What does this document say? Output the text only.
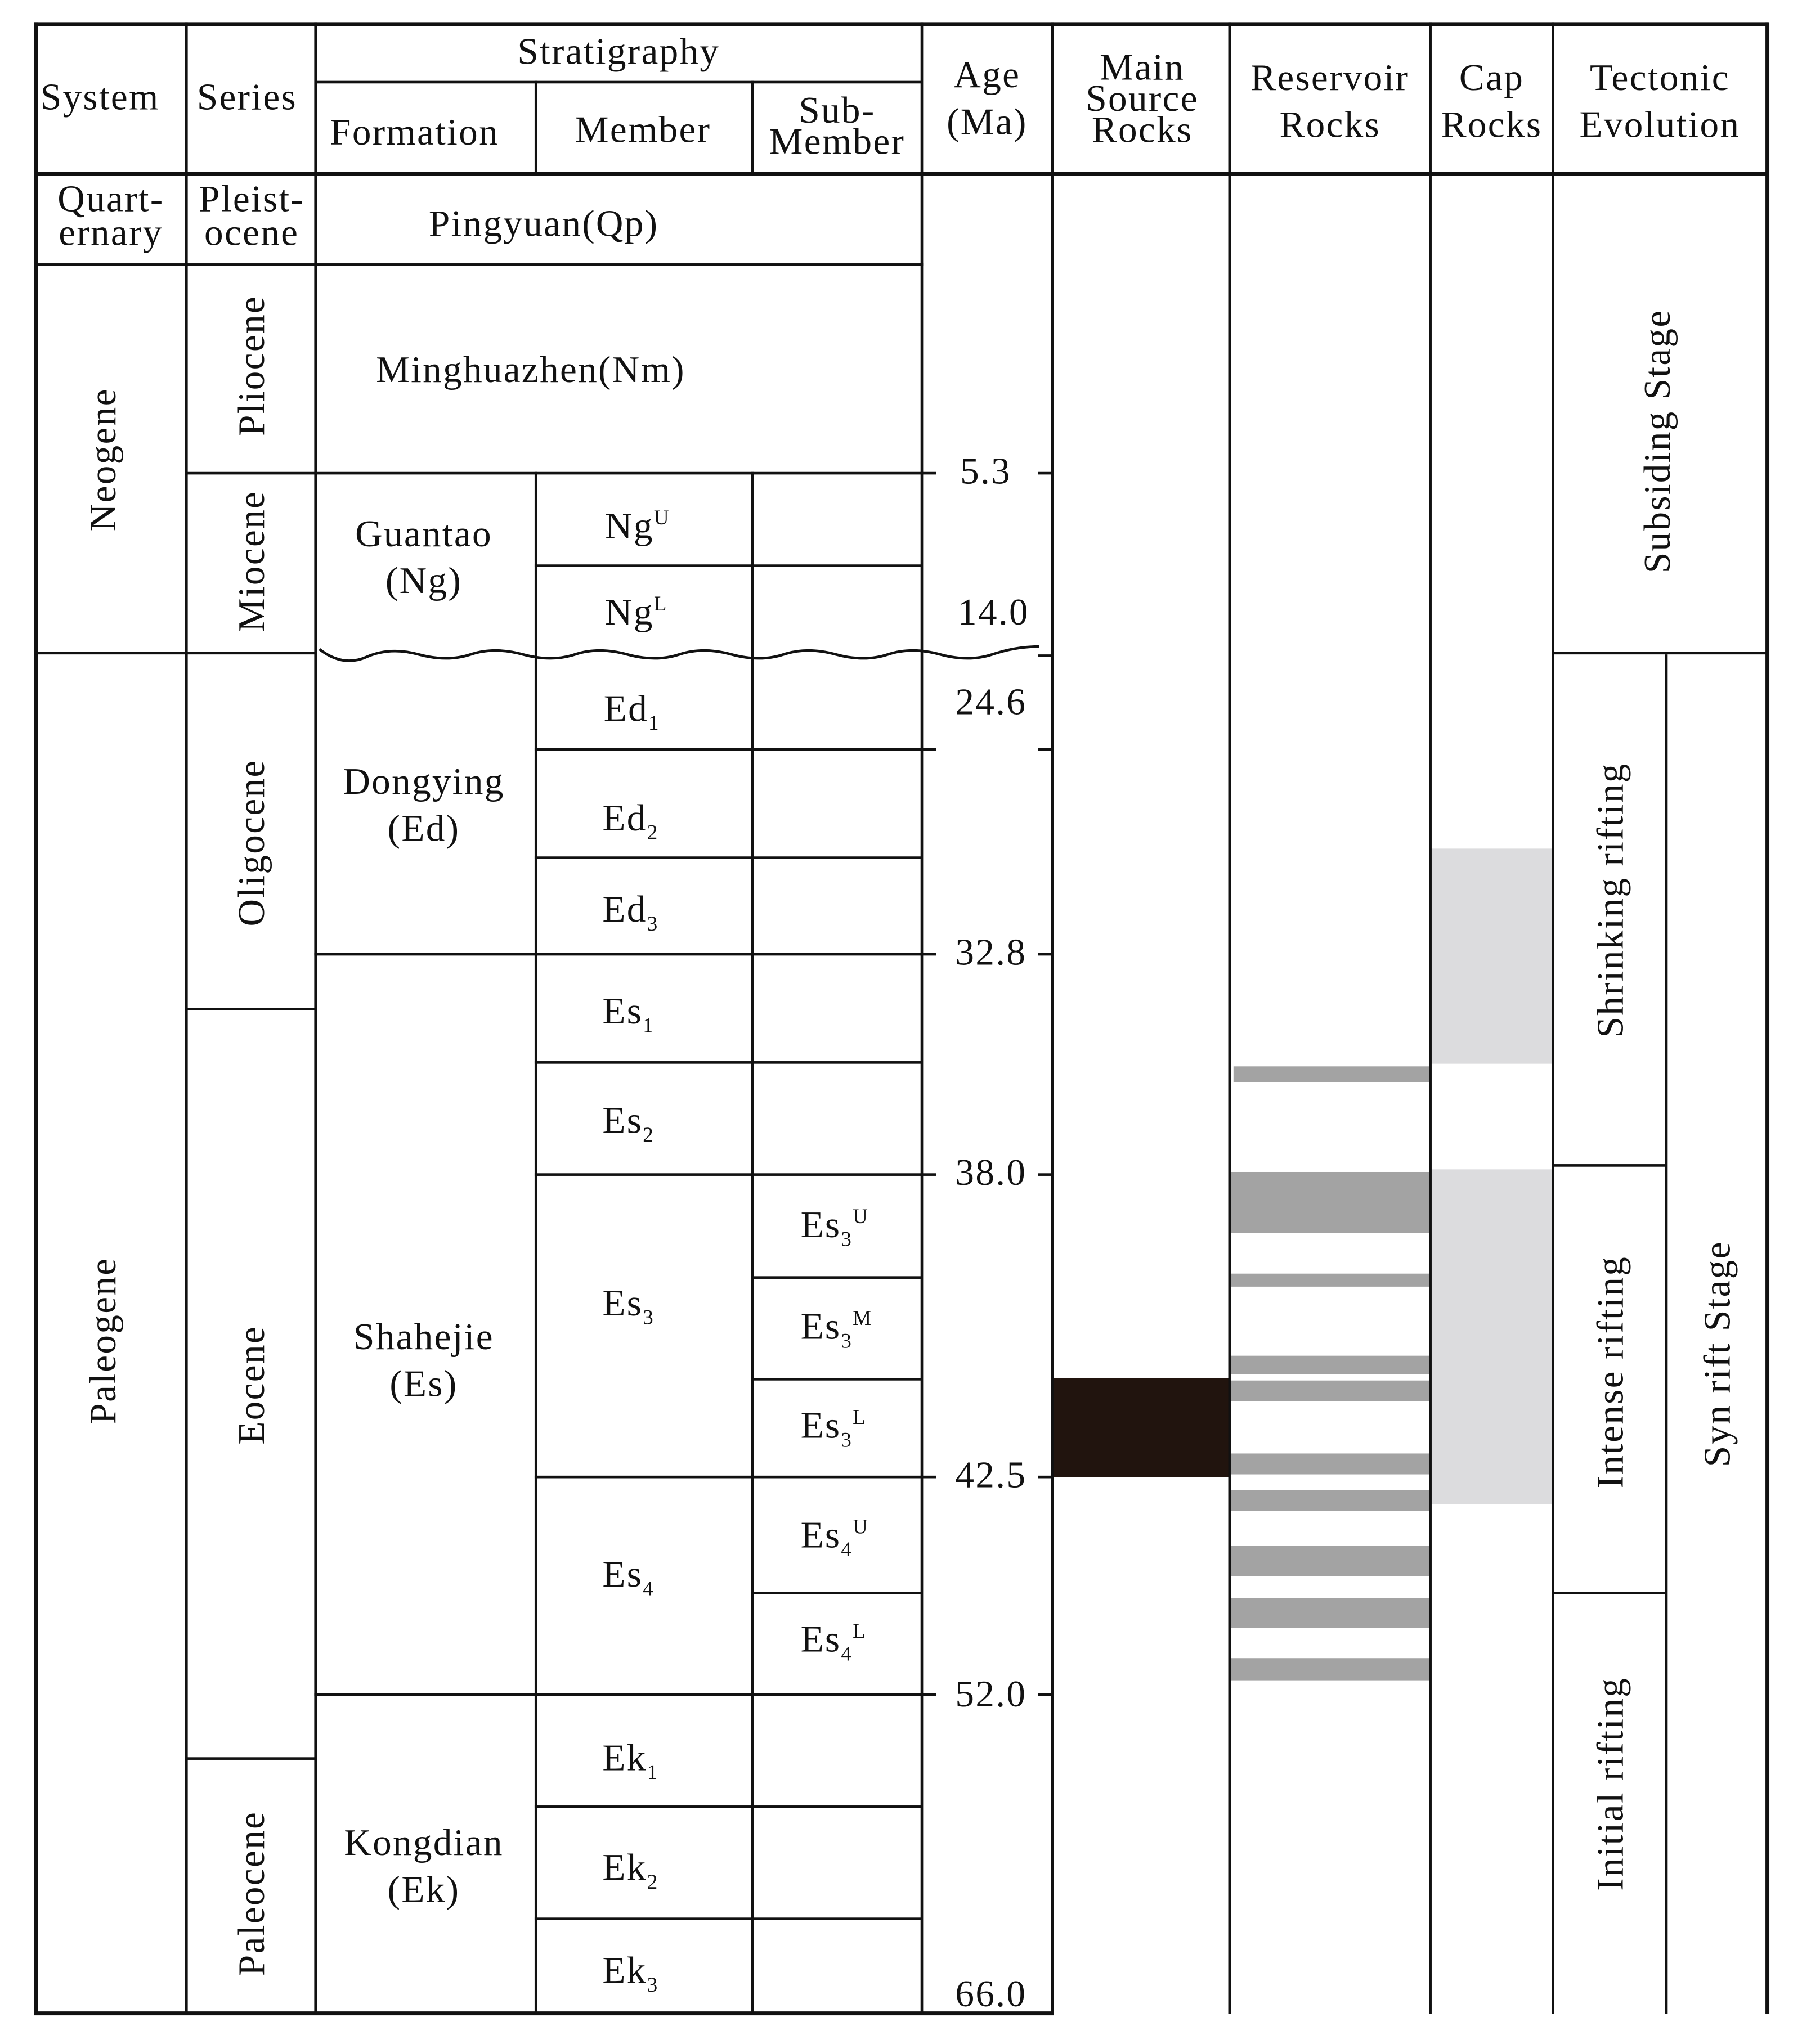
System Series
Stratigraphy
Formation	Member	Sub-
Member
Age
(Ma)
Main
Source
Rocks
Reservoir
Rocks
Cap
Rocks
Tectonic
Evolution
Quart-
ernary
Neogene
Paleogene
Pleist-
ocene
Pliocene
Miocene
Oligocene
Eocene
Paleocene
Pingyuan(Qp)
Minghuazhen(Nm)
Guantao
(Ng)
Dongying
(Ed)
Shahejie
(Es)
Kongdian
(Ek)
$Ng^U$
$Ng^L$
$Ed_1$
$Ed_2$
$Ed_3$
$Es_1$
$Es_2$
$Es_3$
$Es_4$
$Ek_1$
$Ek_2$
$Ek_3$
$Es_3^U$
$Es_3^M$
$Es_3^L$
$Es_4^U$
$Es_4^L$
5.3
14.0
24.6
32.8
38.0
42.5
52.0
66.0
Subsiding Stage
Syn rift Stage
Shrinking rifting
Intense rifting
Initial rifting
